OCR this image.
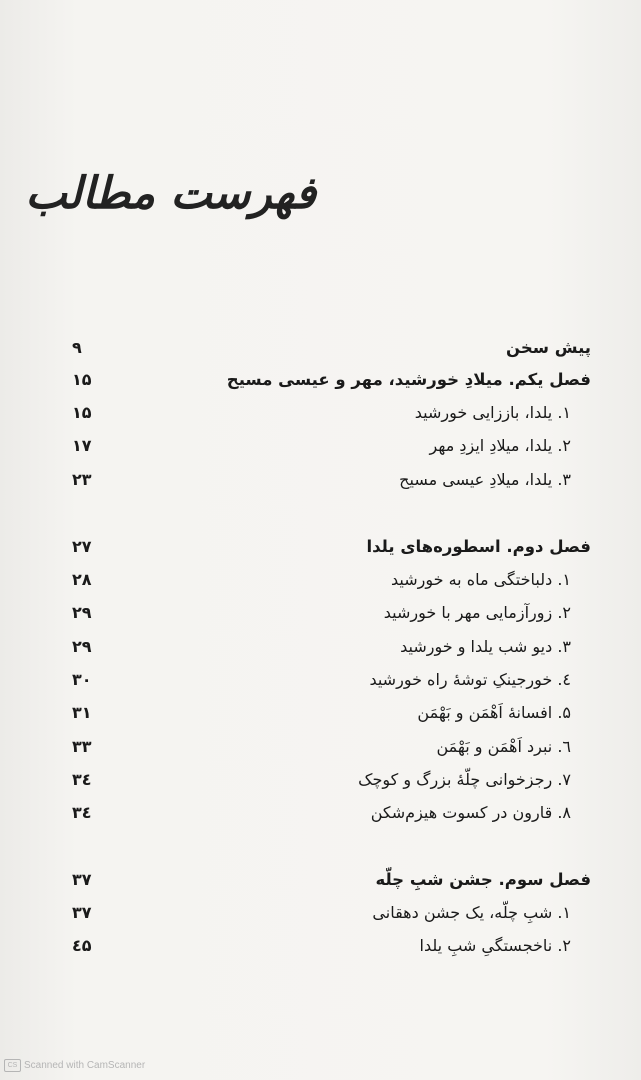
فهرست مطالب
پیش سخن
۹
فصل یکم. میلادِ خورشید، مهر و عیسی مسیح
۱۵
۱. یلدا، باززایی خورشید
۱۵
۲. یلدا، میلادِ ایزدِ مهر
۱۷
۳. یلدا، میلادِ عیسی مسیح
۲۳
فصل دوم. اسطوره‌های یلدا
۲۷
۱. دلباختگی ماه به خورشید
۲۸
۲. زورآزمایی مهر با خورشید
۲۹
۳. دیو شب یلدا و خورشید
۲۹
٤. خورجینکِ توشهٔ راه خورشید
۳۰
۵. افسانهٔ اَهْمَن و بَهْمَن
۳۱
٦. نبرد اَهْمَن و بَهْمَن
۳۳
۷. رجزخوانی چلّهٔ بزرگ و کوچک
۳٤
۸. قارون در کسوت هیزم‌شکن
۳٤
فصل سوم. جشن شبِ چلّه
۳۷
۱. شبِ چلّه، یک جشن دهقانی
۳۷
۲. ناخجستگیِ شبِ یلدا
٤۵
CS Scanned with CamScanner
